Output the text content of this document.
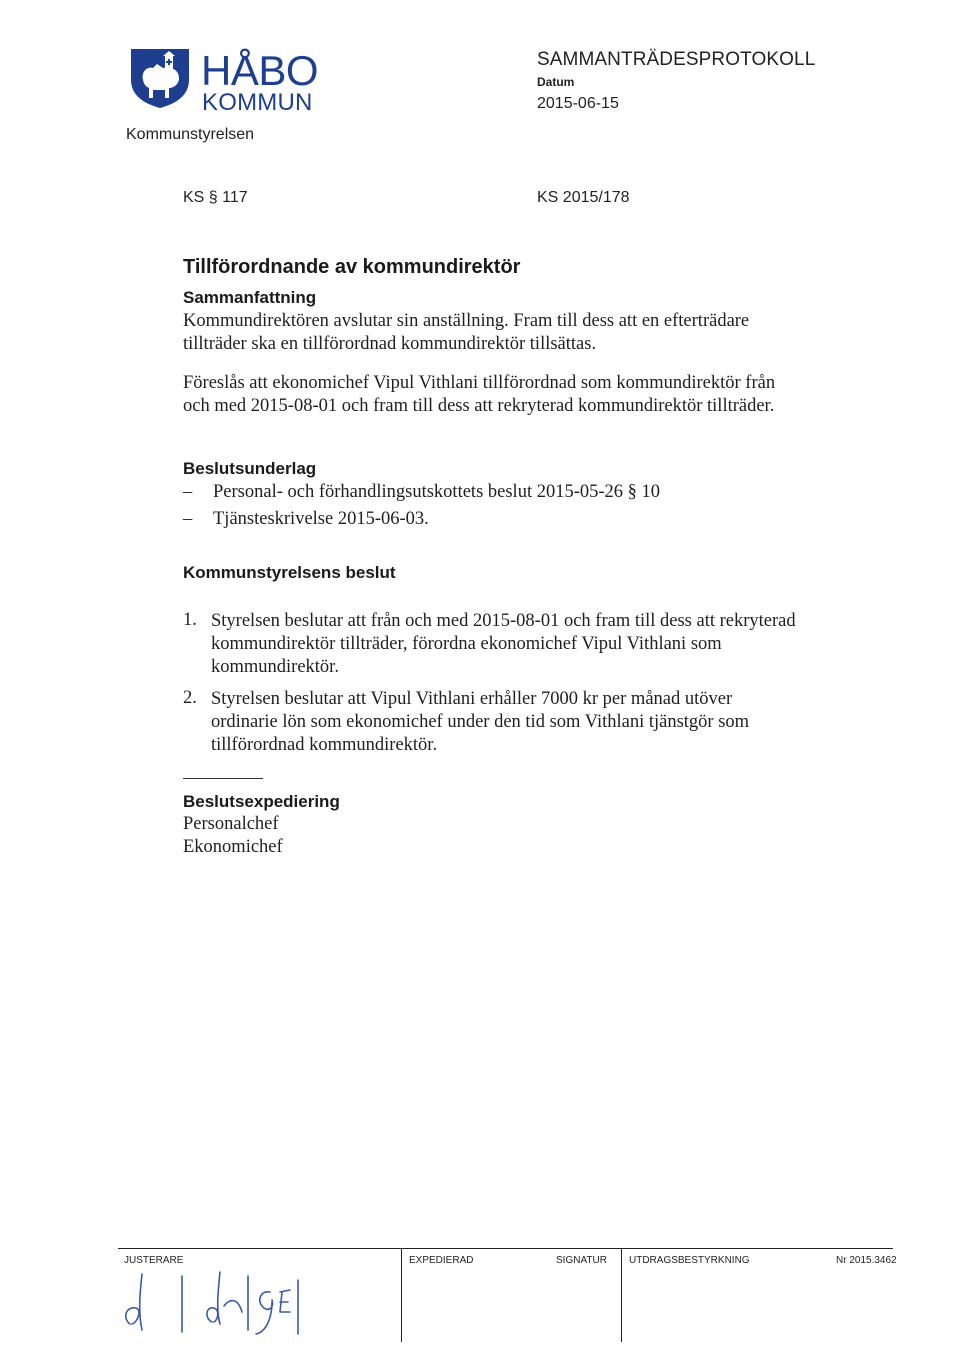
HÅBO
KOMMUN
Kommunstyrelsen
SAMMANTRÄDESPROTOKOLL
Datum
2015-06-15
KS § 117	KS 2015/178
Tillförordnande av kommundirektör
Sammanfattning
Kommundirektören avslutar sin anställning. Fram till dess att en efterträdare tillträder ska en tillförordnad kommundirektör tillsättas.
Föreslås att ekonomichef Vipul Vithlani tillförordnad som kommundirektör från och med 2015-08-01 och fram till dess att rekryterad kommundirektör tillträder.
Beslutsunderlag
– Personal- och förhandlingsutskottets beslut 2015-05-26 § 10
– Tjänsteskrivelse 2015-06-03.
Kommunstyrelsens beslut
1. Styrelsen beslutar att från och med 2015-08-01 och fram till dess att rekryterad kommundirektör tillträder, förordna ekonomichef Vipul Vithlani som kommundirektör.
2. Styrelsen beslutar att Vipul Vithlani erhåller 7000 kr per månad utöver ordinarie lön som ekonomichef under den tid som Vithlani tjänstgör som tillförordnad kommundirektör.
Beslutsexpediering
Personalchef
Ekonomichef
JUSTERARE	EXPEDIERAD	SIGNATUR UTDRAGSBESTYRKNING	Nr 2015.3462
